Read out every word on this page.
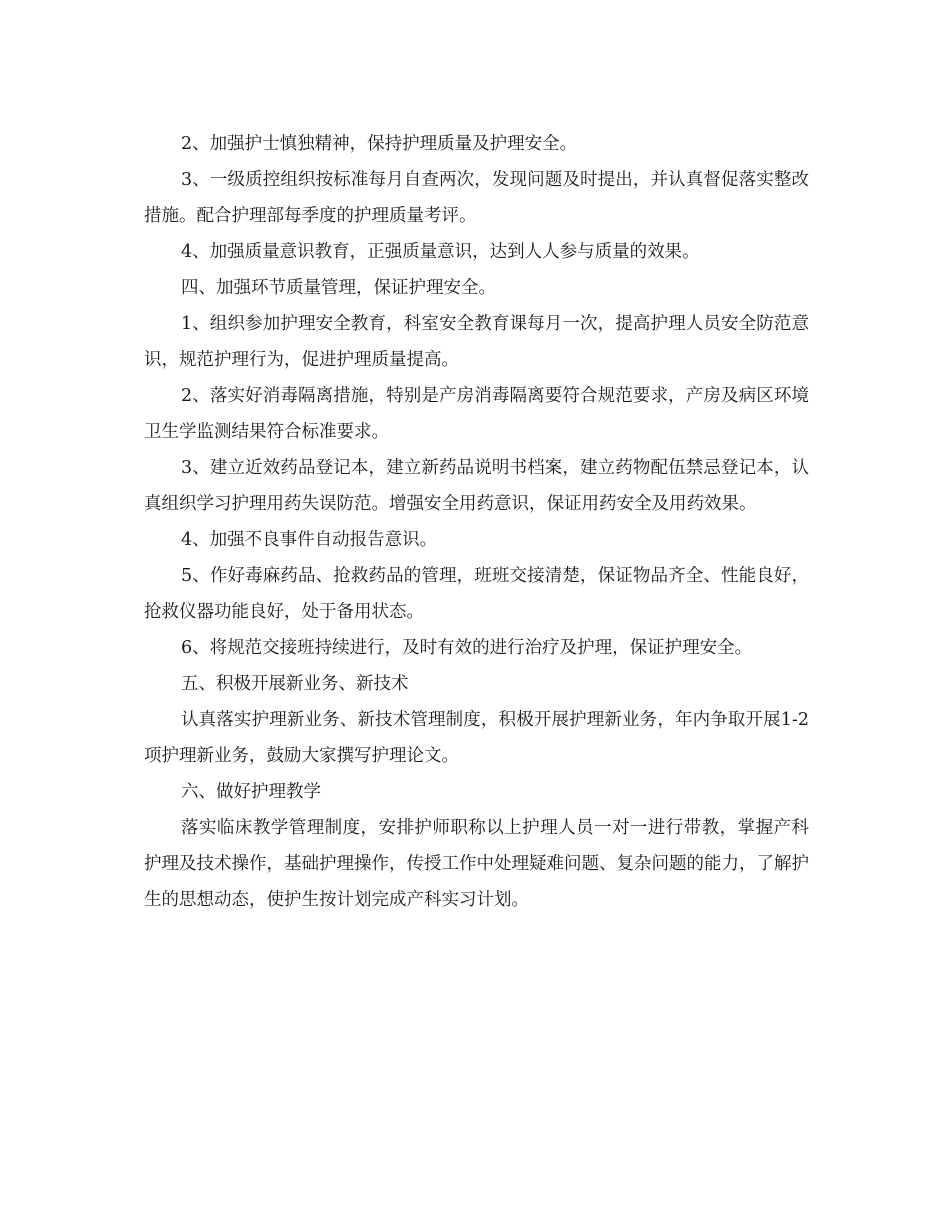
2、加强护士慎独精神，保持护理质量及护理安全。

3、一级质控组织按标准每月自查两次，发现问题及时提出，并认真督促落实整改措施。配合护理部每季度的护理质量考评。

4、加强质量意识教育，正强质量意识，达到人人参与质量的效果。

四、加强环节质量管理，保证护理安全。

1、组织参加护理安全教育，科室安全教育课每月一次，提高护理人员安全防范意识，规范护理行为，促进护理质量提高。

2、落实好消毒隔离措施，特别是产房消毒隔离要符合规范要求，产房及病区环境卫生学监测结果符合标准要求。

3、建立近效药品登记本，建立新药品说明书档案，建立药物配伍禁忌登记本，认真组织学习护理用药失误防范。增强安全用药意识，保证用药安全及用药效果。

4、加强不良事件自动报告意识。

5、作好毒麻药品、抢救药品的管理，班班交接清楚，保证物品齐全、性能良好，抢救仪器功能良好，处于备用状态。

6、将规范交接班持续进行，及时有效的进行治疗及护理，保证护理安全。

五、积极开展新业务、新技术

认真落实护理新业务、新技术管理制度，积极开展护理新业务，年内争取开展1-2项护理新业务，鼓励大家撰写护理论文。

六、做好护理教学

落实临床教学管理制度，安排护师职称以上护理人员一对一进行带教，掌握产科护理及技术操作，基础护理操作，传授工作中处理疑难问题、复杂问题的能力，了解护生的思想动态，使护生按计划完成产科实习计划。
